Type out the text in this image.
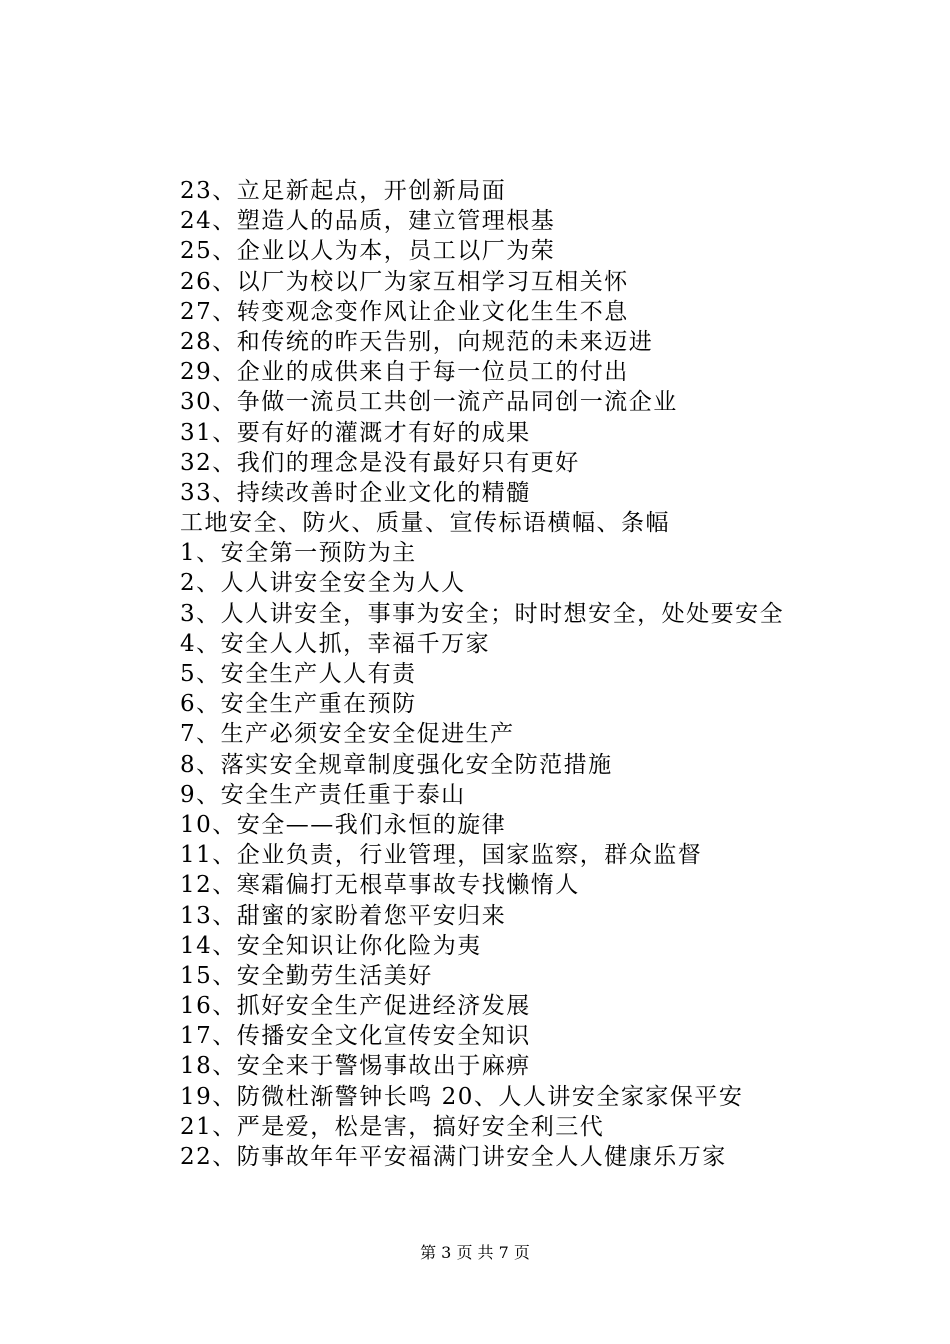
23、立足新起点，开创新局面
24、塑造人的品质，建立管理根基
25、企业以人为本，员工以厂为荣
26、以厂为校以厂为家互相学习互相关怀
27、转变观念变作风让企业文化生生不息
28、和传统的昨天告别，向规范的未来迈进
29、企业的成供来自于每一位员工的付出
30、争做一流员工共创一流产品同创一流企业
31、要有好的灌溉才有好的成果
32、我们的理念是没有最好只有更好
33、持续改善时企业文化的精髓
工地安全、防火、质量、宣传标语横幅、条幅
1、安全第一预防为主
2、人人讲安全安全为人人
3、人人讲安全，事事为安全；时时想安全，处处要安全
4、安全人人抓，幸福千万家
5、安全生产人人有责
6、安全生产重在预防
7、生产必须安全安全促进生产
8、落实安全规章制度强化安全防范措施
9、安全生产责任重于泰山
10、安全——我们永恒的旋律
11、企业负责，行业管理，国家监察，群众监督
12、寒霜偏打无根草事故专找懒惰人
13、甜蜜的家盼着您平安归来
14、安全知识让你化险为夷
15、安全勤劳生活美好
16、抓好安全生产促进经济发展
17、传播安全文化宣传安全知识
18、安全来于警惕事故出于麻痹
19、防微杜渐警钟长鸣 20、人人讲安全家家保平安
21、严是爱，松是害，搞好安全利三代
22、防事故年年平安福满门讲安全人人健康乐万家
第 3 页 共 7 页
